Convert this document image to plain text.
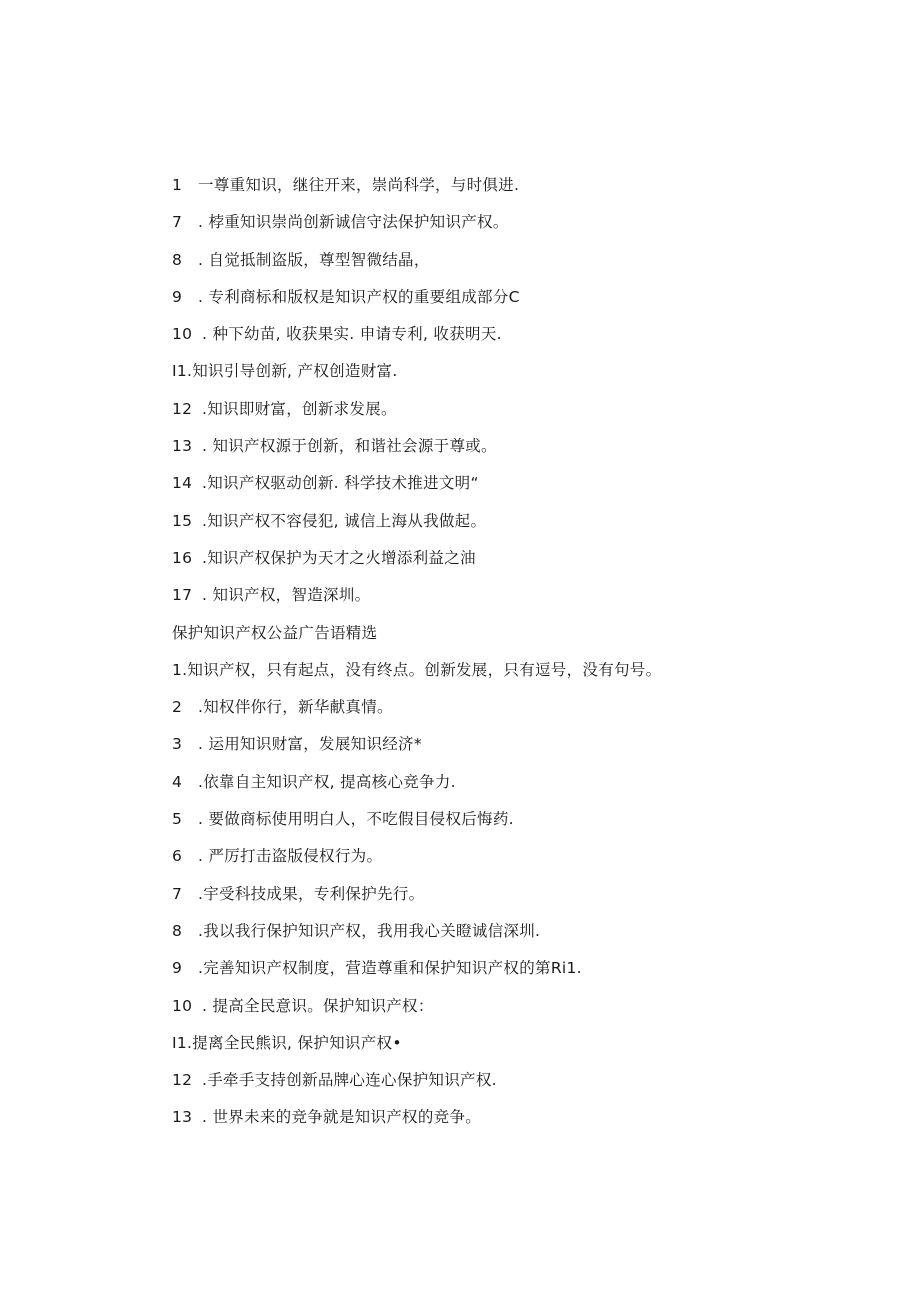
1 一尊重知识，继往开来，崇尚科学，与时俱进.
7 . 桲重知识崇尚创新诚信守法保护知识产权。
8 . 自觉抵制盗版，尊型智微结晶，
9 . 专利商标和版权是知识产权的重要组成部分C
10 . 种下幼苗, 收获果实. 申请专利, 收获明天.
I1.知识引导创新, 产权创造财富.
12 .知识即财富，创新求发展。
13 . 知识产权源于创新，和谐社会源于尊或。
14 .知识产权驱动创新. 科学技术推进文明“
15 .知识产权不容侵犯, 诚信上海从我做起。
16 .知识产权保护为天才之火增添利益之油
17 . 知识产权，智造深圳。
保护知识产权公益广告语精选
1.知识产权，只有起点，没有终点。创新发展，只有逗号，没有句号。
2 .知权伴你行，新华献真情。
3 . 运用知识财富，发展知识经济*
4 .依靠自主知识产权, 提高核心竞争力.
5 . 要做商标使用明白人，不吃假目侵权后悔药.
6 . 严厉打击盗版侵权行为。
7 .宇受科技成果，专利保护先行。
8 .我以我行保护知识产权，我用我心关瞪诚信深圳.
9 .完善知识产权制度，营造尊重和保护知识产权的第Ri1.
10 . 提高全民意识。保护知识产权：
I1.提离全民熊识, 保护知识产权•
12 .手牵手支持创新品牌心连心保护知识产权.
13 . 世界未来的竞争就是知识产权的竞争。
